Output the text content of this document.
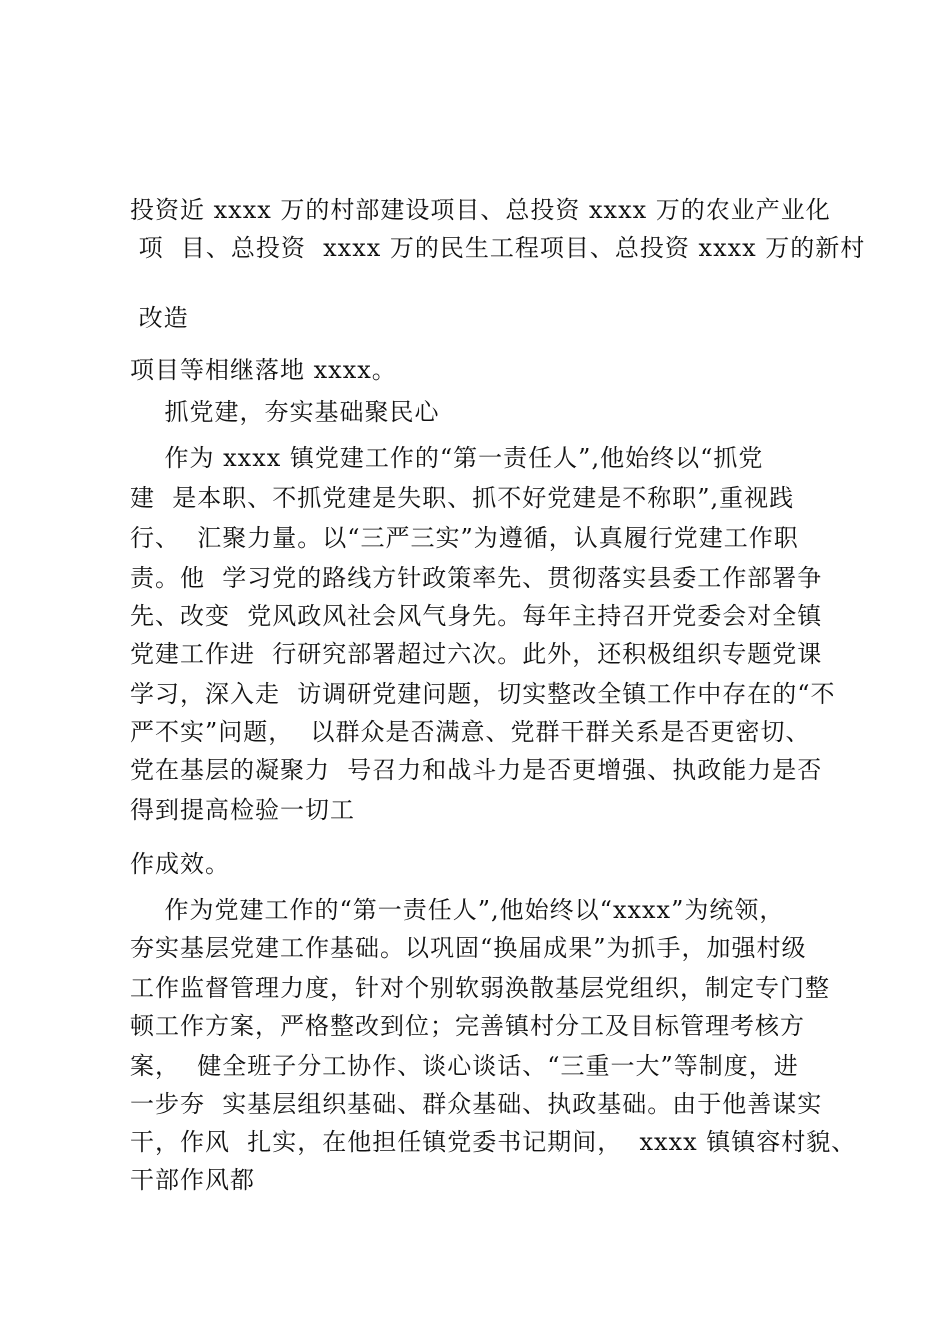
投资近 xxxx 万的村部建设项目、总投资 xxxx 万的农业产业化
项  目、总投资  xxxx 万的民生工程项目、总投资 xxxx 万的新村
改造
项目等相继落地 xxxx。
抓党建，夯实基础聚民心
作为 xxxx 镇党建工作的“第一责任人”,他始终以“抓党
建  是本职、不抓党建是失职、抓不好党建是不称职”,重视践
行、  汇聚力量。以“三严三实”为遵循，认真履行党建工作职
责。他  学习党的路线方针政策率先、贯彻落实县委工作部署争
先、改变  党风政风社会风气身先。每年主持召开党委会对全镇
党建工作进  行研究部署超过六次。此外，还积极组织专题党课
学习，深入走  访调研党建问题，切实整改全镇工作中存在的“不
严不实”问题，  以群众是否满意、党群干群关系是否更密切、
党在基层的凝聚力  号召力和战斗力是否更增强、执政能力是否
得到提高检验一切工
作成效。
作为党建工作的“第一责任人”,他始终以“xxxx”为统领，
夯实基层党建工作基础。以巩固“换届成果”为抓手，加强村级
工作监督管理力度，针对个别软弱涣散基层党组织，制定专门整
顿工作方案，严格整改到位；完善镇村分工及目标管理考核方
案，  健全班子分工协作、谈心谈话、“三重一大”等制度，进
一步夯  实基层组织基础、群众基础、执政基础。由于他善谋实
干，作风  扎实，在他担任镇党委书记期间，  xxxx 镇镇容村貌、
干部作风都
